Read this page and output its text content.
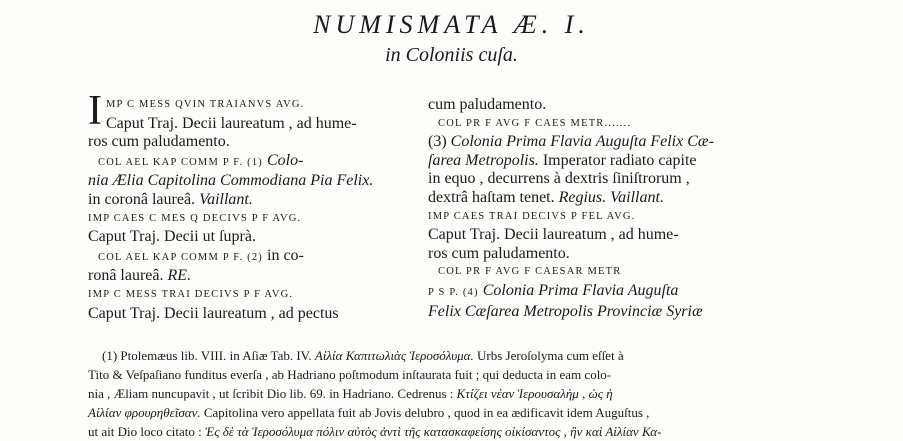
NUMISMATA Æ. I.
in Coloniis cuſa.
I MP C MESS QVIN TRAIANVS AVG.
Caput Traj. Decii laureatum , ad hume-
ros cum paludamento.
COL AEL KAP COMM P F. (1) Colo-
nia Ælia Capitolina Commodiana Pia Felix.
in coronâ laureâ. Vaillant.
IMP CAES C MES Q DECIVS P F AVG.
Caput Traj. Decii ut ſuprà.
COL AEL KAP COMM P F. (2) in co-
ronâ laureâ. RE.
IMP C MESS TRAI DECIVS P F AVG.
Caput Traj. Decii laureatum , ad pectus
cum paludamento.
COL PR F AVG F CAES METR.......
(3) Colonia Prima Flavia Auguſta Felix Cæ-
ſarea Metropolis. Imperator radiato capite
in equo , decurrens à dextris ſiniſtrorum ,
dextrâ haſtam tenet. Regius. Vaillant.
IMP CAES TRAI DECIVS P FEL AVG.
Caput Traj. Decii laureatum , ad hume-
ros cum paludamento.
COL PR F AVG F CAESAR METR
P S P. (4) Colonia Prima Flavia Auguſta
Felix Cæſarea Metropolis Provinciæ Syriæ
(1) Ptolemæus lib. VIII. in Aſiæ Tab. IV. Αἰλία Καπιτωλιὰς Ἱεροσόλυμα. Urbs Jeroſolyma cum eſſet à
Tito & Veſpaſiano funditus everſa , ab Hadriano poſtmodum inſtaurata fuit ; qui deducta in eam colo-
nia , Æliam nuncupavit , ut ſcribit Dio lib. 69. in Hadriano. Cedrenus : Κτίζει νέαν Ἱερουσαλὴμ , ὡς ἡ
Αἰλίαν φρουρηθεῖσαν. Capitolina vero appellata fuit ab Jovis delubro , quod in ea ædificavit idem Auguſtus ,
ut ait Dio loco citato : Ἐς δὲ τὰ Ἱεροσόλυμα πόλιν αὐτὸς ἀντὶ τῆς κατασκαφείσης οἰκίσαντος , ἣν καὶ Αἰλίαν Κα-
